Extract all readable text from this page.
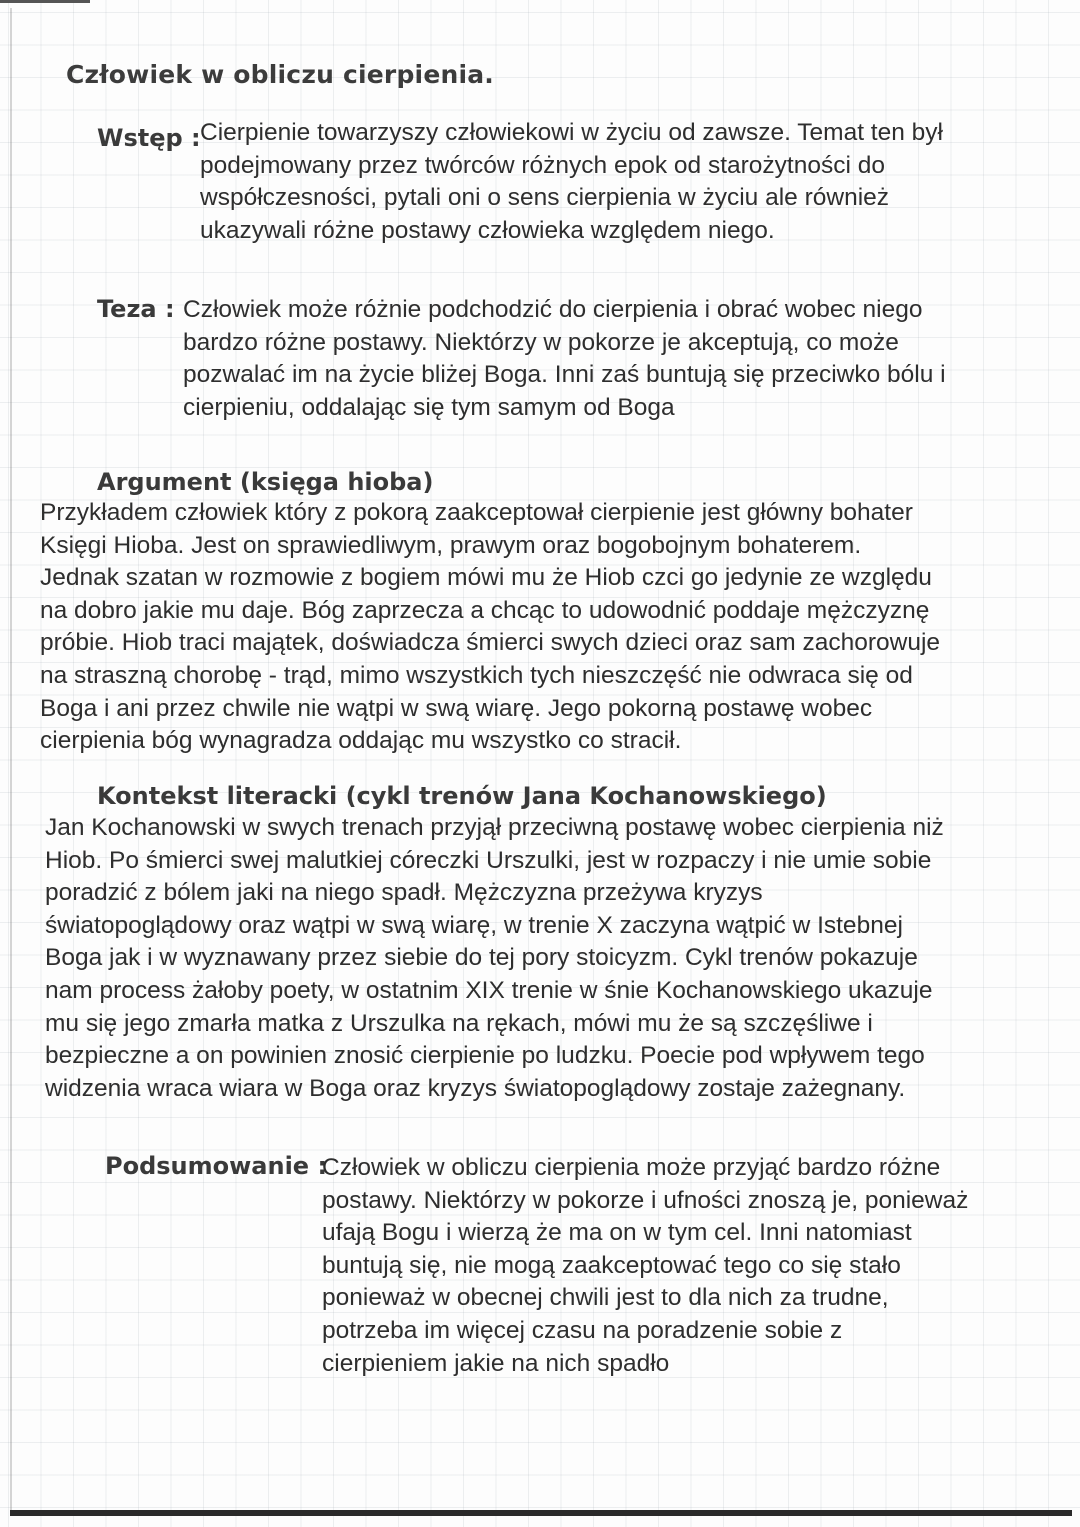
Człowiek w obliczu cierpienia.
Wstęp : Cierpienie towarzyszy człowiekowi w życiu od zawsze. Temat ten był
podejmowany przez twórców różnych epok od starożytności do
współczesności, pytali oni o sens cierpienia w życiu ale również
ukazywali różne postawy człowieka względem niego.
Teza : Człowiek może różnie podchodzić do cierpienia i obrać wobec niego
bardzo różne postawy. Niektórzy w pokorze je akceptują, co może
pozwalać im na życie bliżej Boga. Inni zaś buntują się przeciwko bólu i
cierpieniu, oddalając się tym samym od Boga
Argument (księga hioba)
Przykładem człowiek który z pokorą zaakceptował cierpienie jest główny bohater
Księgi Hioba. Jest on sprawiedliwym, prawym oraz bogobojnym bohaterem.
Jednak szatan w rozmowie z bogiem mówi mu że Hiob czci go jedynie ze względu
na dobro jakie mu daje. Bóg zaprzecza a chcąc to udowodnić poddaje mężczyznę
próbie. Hiob traci majątek, doświadcza śmierci swych dzieci oraz sam zachorowuje
na straszną chorobę - trąd, mimo wszystkich tych nieszczęść nie odwraca się od
Boga i ani przez chwile nie wątpi w swą wiarę. Jego pokorną postawę wobec
cierpienia bóg wynagradza oddając mu wszystko co stracił.
Kontekst literacki (cykl trenów Jana Kochanowskiego)
Jan Kochanowski w swych trenach przyjął przeciwną postawę wobec cierpienia niż
Hiob. Po śmierci swej malutkiej córeczki Urszulki, jest w rozpaczy i nie umie sobie
poradzić z bólem jaki na niego spadł. Mężczyzna przeżywa kryzys
światopoglądowy oraz wątpi w swą wiarę, w trenie X zaczyna wątpić w Istebnej
Boga jak i w wyznawany przez siebie do tej pory stoicyzm. Cykl trenów pokazuje
nam process żałoby poety, w ostatnim XIX trenie w śnie Kochanowskiego ukazuje
mu się jego zmarła matka z Urszulka na rękach, mówi mu że są szczęśliwe i
bezpieczne a on powinien znosić cierpienie po ludzku. Poecie pod wpływem tego
widzenia wraca wiara w Boga oraz kryzys światopoglądowy zostaje zażegnany.
Podsumowanie :
Człowiek w obliczu cierpienia może przyjąć bardzo różne
postawy. Niektórzy w pokorze i ufności znoszą je, ponieważ
ufają Bogu i wierzą że ma on w tym cel. Inni natomiast
buntują się, nie mogą zaakceptować tego co się stało
ponieważ w obecnej chwili jest to dla nich za trudne,
potrzeba im więcej czasu na poradzenie sobie z
cierpieniem jakie na nich spadło
